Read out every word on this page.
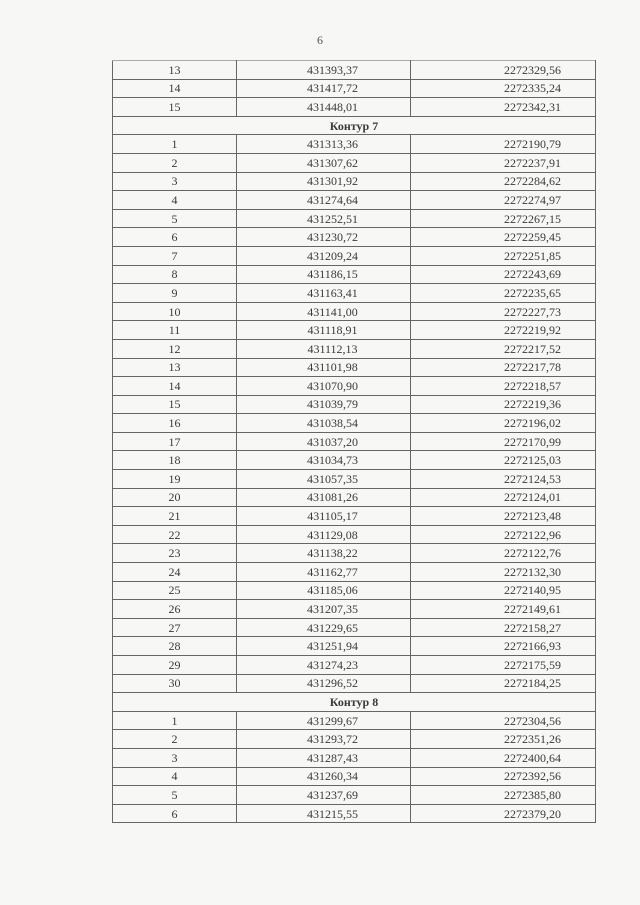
6
13	431393,37	2272329,56
14	431417,72	2272335,24
15	431448,01	2272342,31
Контур 7		
1	431313,36	2272190,79
2	431307,62	2272237,91
3	431301,92	2272284,62
4	431274,64	2272274,97
5	431252,51	2272267,15
6	431230,72	2272259,45
7	431209,24	2272251,85
8	431186,15	2272243,69
9	431163,41	2272235,65
10	431141,00	2272227,73
11	431118,91	2272219,92
12	431112,13	2272217,52
13	431101,98	2272217,78
14	431070,90	2272218,57
15	431039,79	2272219,36
16	431038,54	2272196,02
17	431037,20	2272170,99
18	431034,73	2272125,03
19	431057,35	2272124,53
20	431081,26	2272124,01
21	431105,17	2272123,48
22	431129,08	2272122,96
23	431138,22	2272122,76
24	431162,77	2272132,30
25	431185,06	2272140,95
26	431207,35	2272149,61
27	431229,65	2272158,27
28	431251,94	2272166,93
29	431274,23	2272175,59
30	431296,52	2272184,25
Контур 8		
1	431299,67	2272304,56
2	431293,72	2272351,26
3	431287,43	2272400,64
4	431260,34	2272392,56
5	431237,69	2272385,80
6	431215,55	2272379,20
